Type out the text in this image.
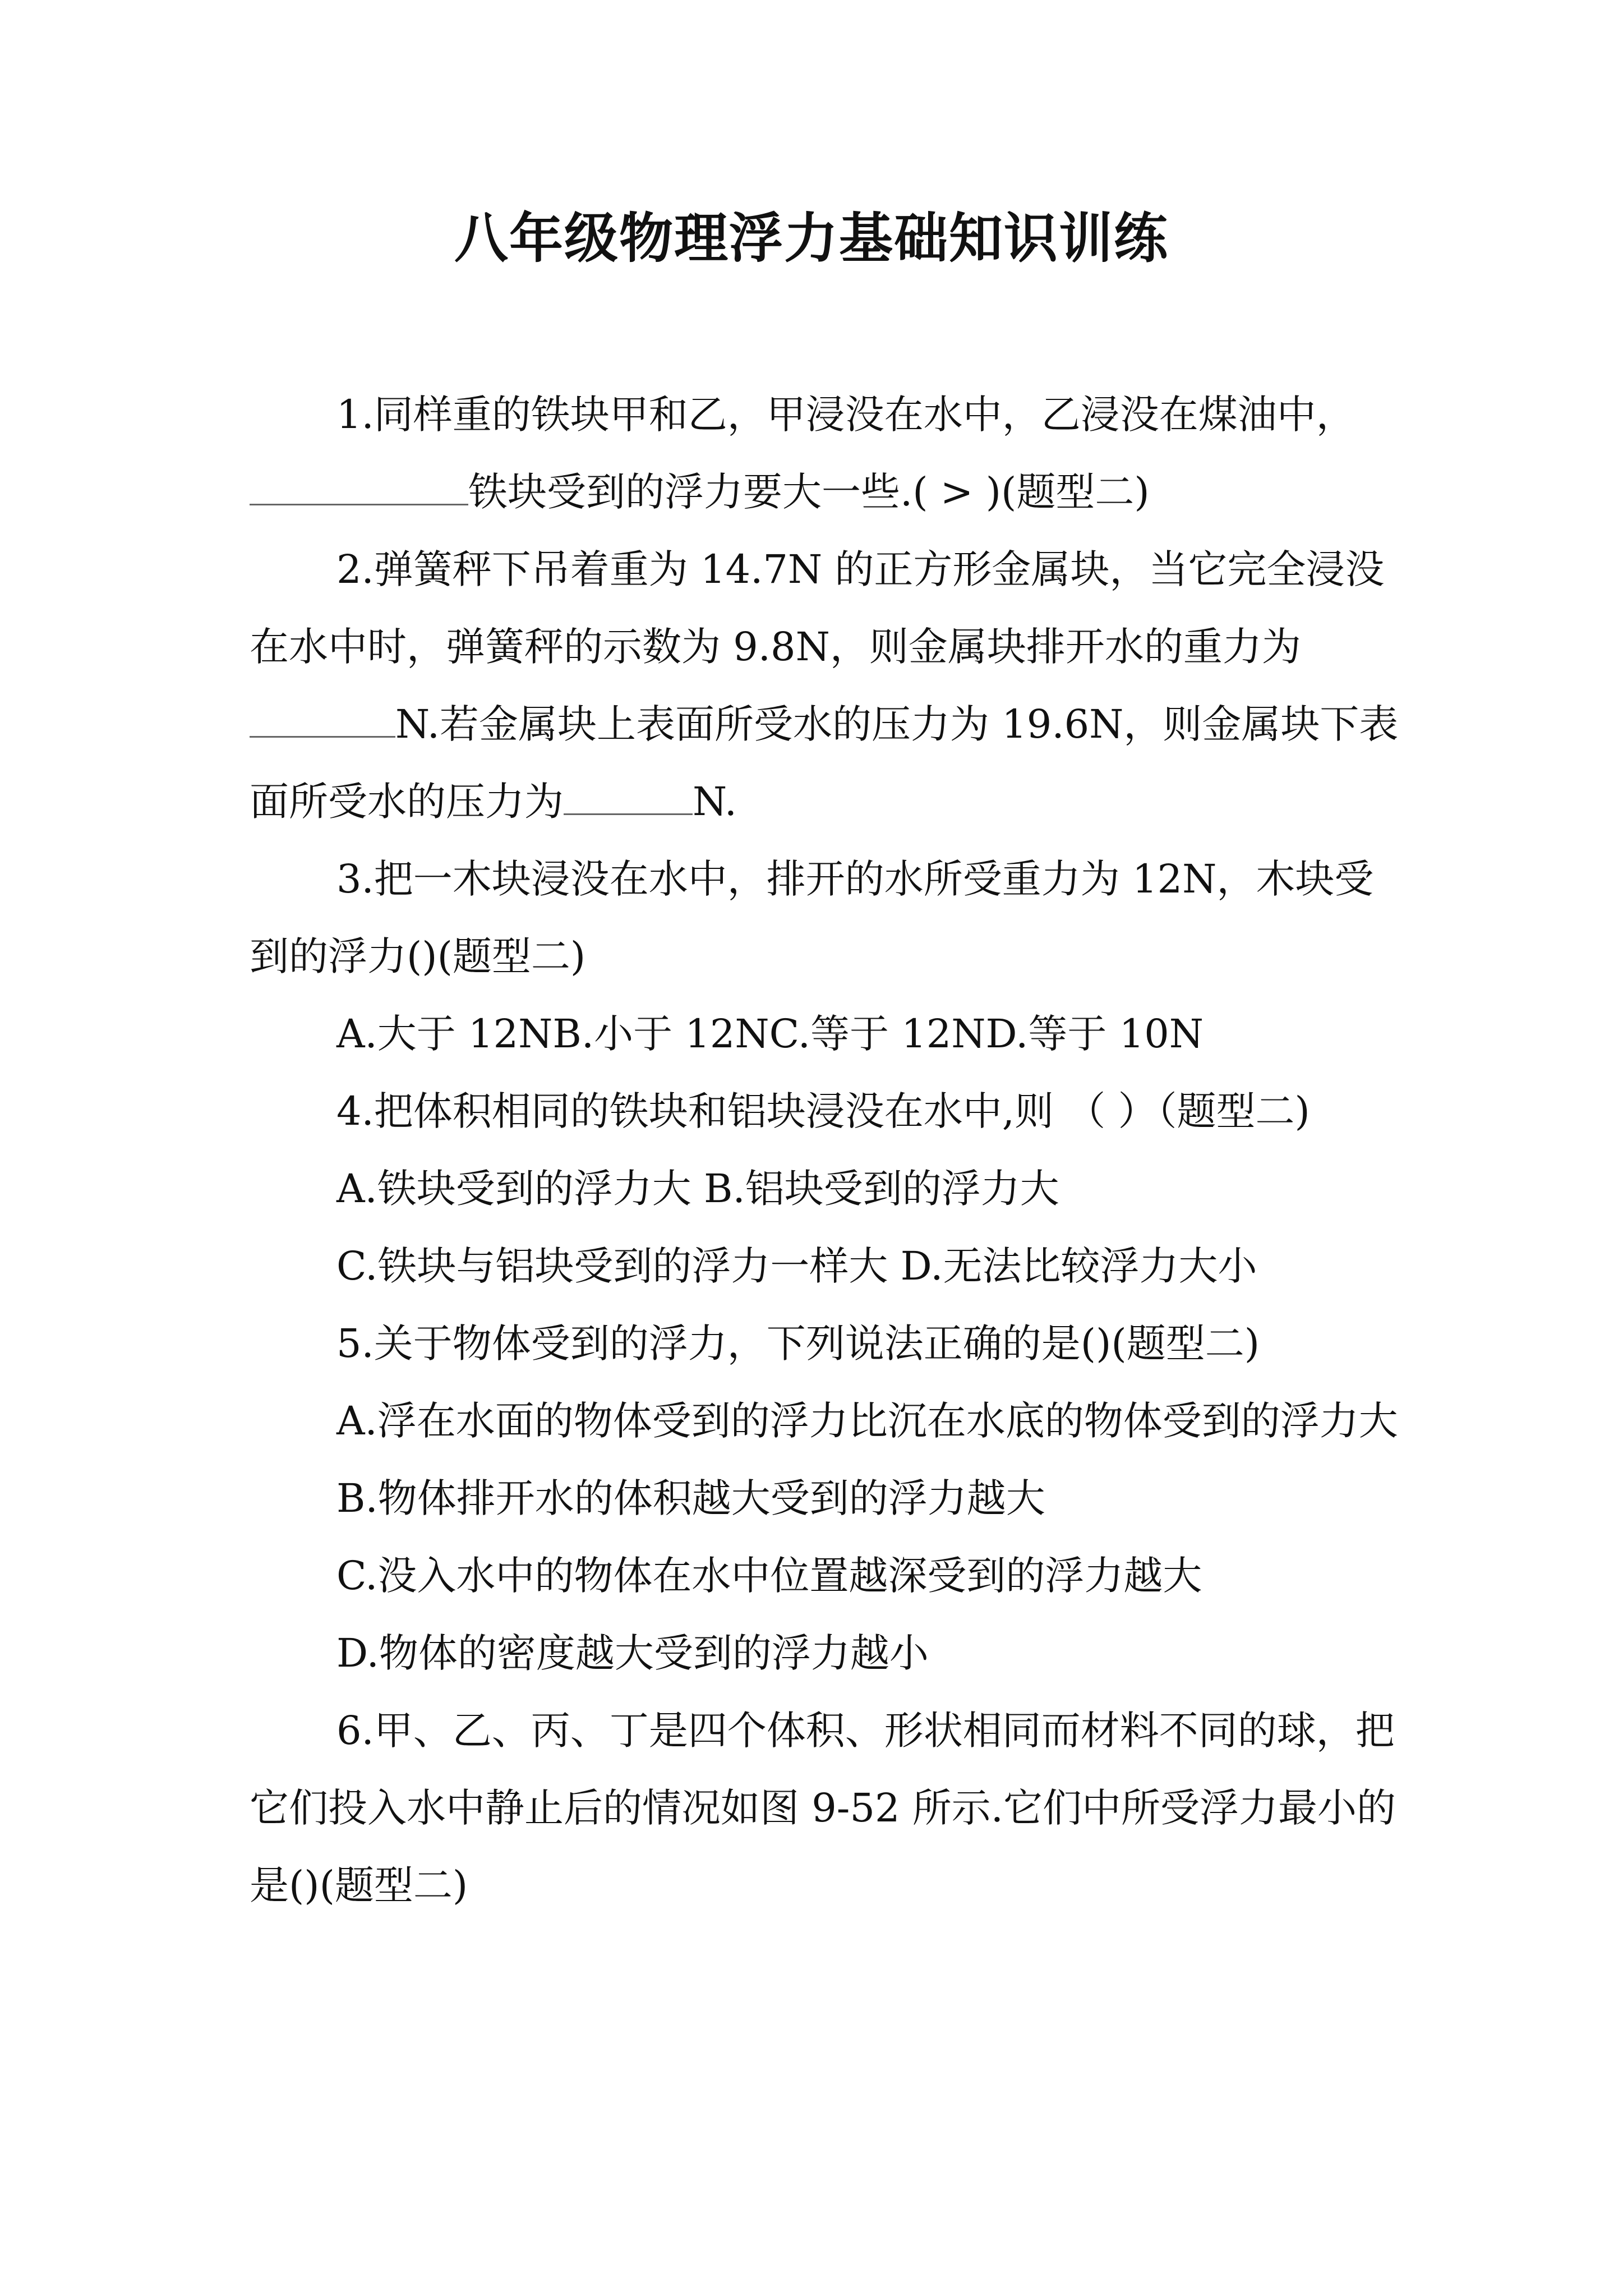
八年级物理浮力基础知识训练

1.同样重的铁块甲和乙，甲浸没在水中，乙浸没在煤油中，铁块受到的浮力要大一些.( > )(题型二)

2.弹簧秤下吊着重为 14.7N 的正方形金属块，当它完全浸没在水中时，弹簧秤的示数为 9.8N，则金属块排开水的重力为N.若金属块上表面所受水的压力为 19.6N，则金属块下表面所受水的压力为	N.

3.把一木块浸没在水中，排开的水所受重力为 12N，木块受到的浮力()(题型二)

A.大于 12NB.小于 12NC.等于 12ND.等于 10N

4.把体积相同的铁块和铝块浸没在水中,则 （ ）（题型二)

A.铁块受到的浮力大 B.铝块受到的浮力大

C.铁块与铝块受到的浮力一样大 D.无法比较浮力大小

5.关于物体受到的浮力，下列说法正确的是()(题型二)

A.浮在水面的物体受到的浮力比沉在水底的物体受到的浮力大

B.物体排开水的体积越大受到的浮力越大

C.没入水中的物体在水中位置越深受到的浮力越大

D.物体的密度越大受到的浮力越小

6.甲、乙、丙、丁是四个体积、形状相同而材料不同的球，把它们投入水中静止后的情况如图 9-52 所示.它们中所受浮力最小的是()(题型二)
